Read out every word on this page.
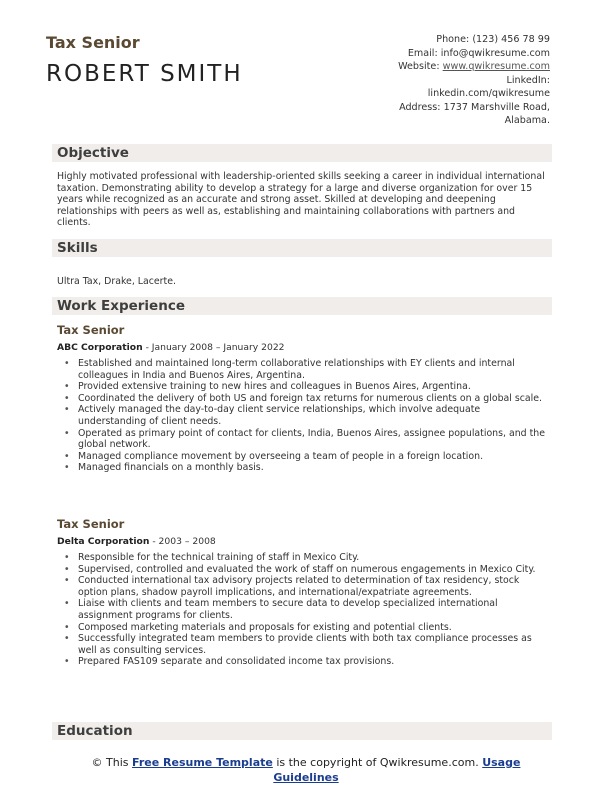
Tax Senior
ROBERT SMITH
Phone: (123) 456 78 99
Email: info@qwikresume.com
Website: www.qwikresume.com
LinkedIn:
linkedin.com/qwikresume
Address: 1737 Marshville Road,
Alabama.
Objective
Highly motivated professional with leadership-oriented skills seeking a career in individual international taxation. Demonstrating ability to develop a strategy for a large and diverse organization for over 15 years while recognized as an accurate and strong asset. Skilled at developing and deepening relationships with peers as well as, establishing and maintaining collaborations with partners and clients.
Skills
Ultra Tax, Drake, Lacerte.
Work Experience
Tax Senior
ABC Corporation - January 2008 – January 2022
• Established and maintained long-term collaborative relationships with EY clients and internal colleagues in India and Buenos Aires, Argentina.
• Provided extensive training to new hires and colleagues in Buenos Aires, Argentina.
• Coordinated the delivery of both US and foreign tax returns for numerous clients on a global scale.
• Actively managed the day-to-day client service relationships, which involve adequate understanding of client needs.
• Operated as primary point of contact for clients, India, Buenos Aires, assignee populations, and the global network.
• Managed compliance movement by overseeing a team of people in a foreign location.
• Managed financials on a monthly basis.
Tax Senior
Delta Corporation - 2003 – 2008
• Responsible for the technical training of staff in Mexico City.
• Supervised, controlled and evaluated the work of staff on numerous engagements in Mexico City.
• Conducted international tax advisory projects related to determination of tax residency, stock option plans, shadow payroll implications, and international/expatriate agreements.
• Liaise with clients and team members to secure data to develop specialized international assignment programs for clients.
• Composed marketing materials and proposals for existing and potential clients.
• Successfully integrated team members to provide clients with both tax compliance processes as well as consulting services.
• Prepared FAS109 separate and consolidated income tax provisions.
Education
© This Free Resume Template is the copyright of Qwikresume.com. Usage
Guidelines
